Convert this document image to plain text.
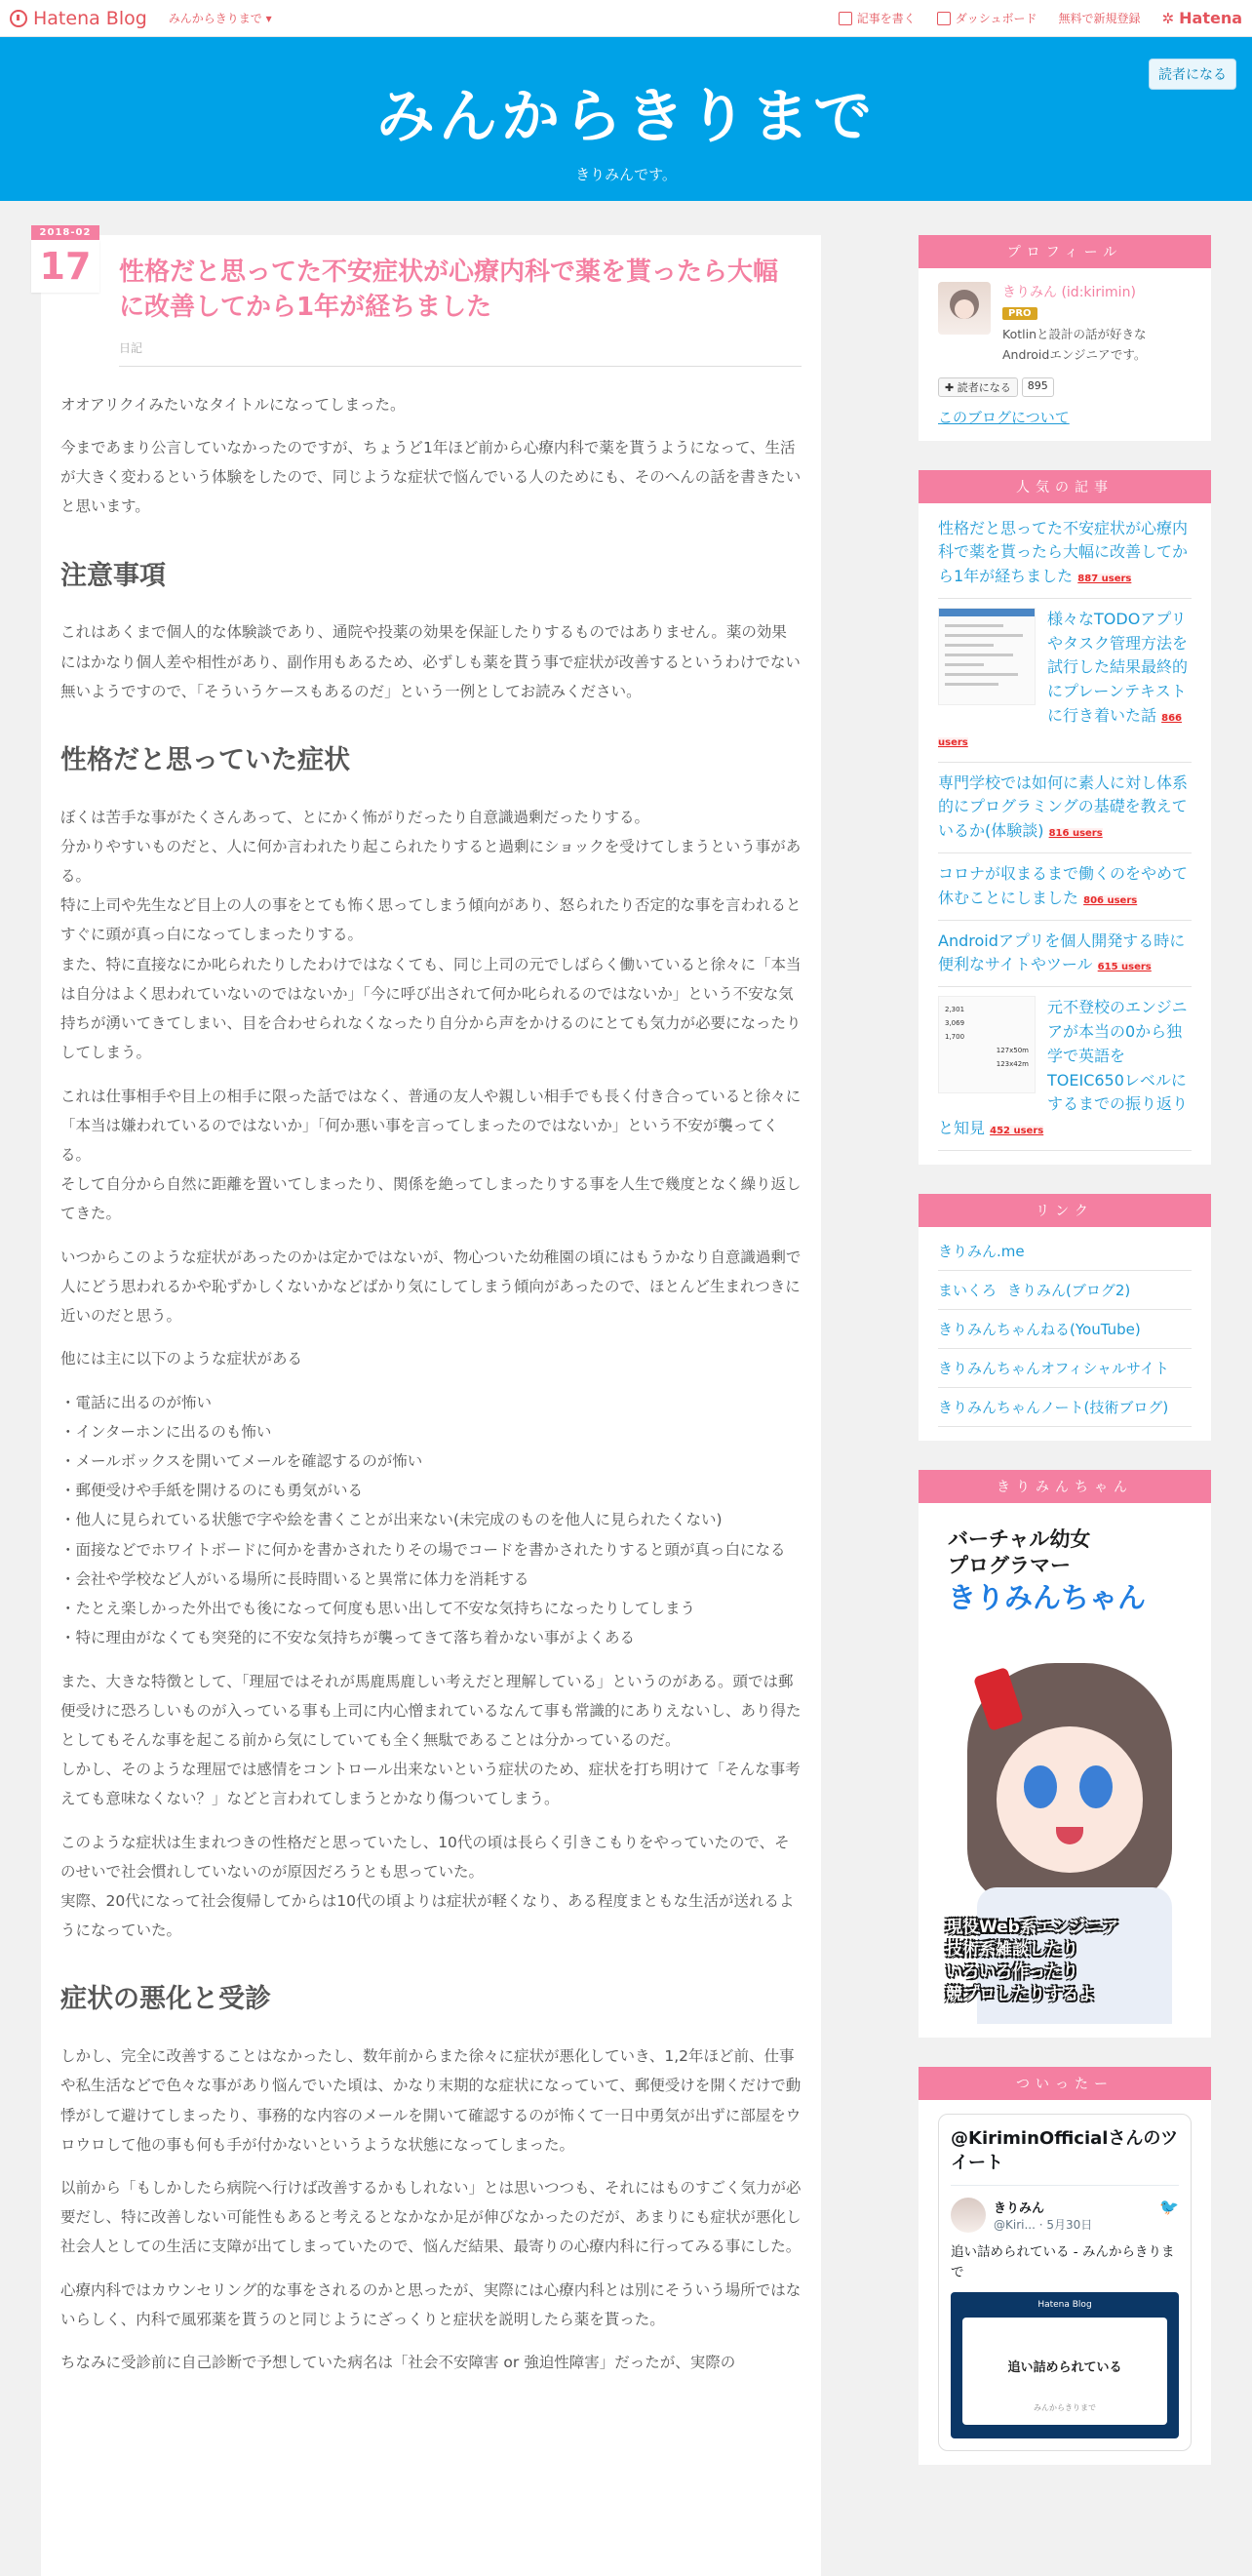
Hatena Blog みんからきりまで ▾	記事を書く	ダッシュボード 無料で新規登録 ✲ Hatena
みんからきりまで
きりみんです。
読者になる
2018-02
17	性格だと思ってた不安症状が心療内科で薬を貰ったら大幅に改善してから1年が経ちました
日記

オオアリクイみたいなタイトルになってしまった。

今まであまり公言していなかったのですが、ちょうど1年ほど前から心療内科で薬を貰うようになって、生活が大きく変わるという体験をしたので、同じような症状で悩んでいる人のためにも、そのへんの話を書きたいと思います。

注意事項

これはあくまで個人的な体験談であり、通院や投薬の効果を保証したりするものではありません。薬の効果にはかなり個人差や相性があり、副作用もあるため、必ずしも薬を貰う事で症状が改善するというわけでない無いようですので、「そういうケースもあるのだ」という一例としてお読みください。

性格だと思っていた症状

ぼくは苦手な事がたくさんあって、とにかく怖がりだったり自意識過剰だったりする。
分かりやすいものだと、人に何か言われたり起こられたりすると過剰にショックを受けてしまうという事がある。
特に上司や先生など目上の人の事をとても怖く思ってしまう傾向があり、怒られたり否定的な事を言われるとすぐに頭が真っ白になってしまったりする。
また、特に直接なにか叱られたりしたわけではなくても、同じ上司の元でしばらく働いていると徐々に「本当は自分はよく思われていないのではないか」「今に呼び出されて何か叱られるのではないか」という不安な気持ちが湧いてきてしまい、目を合わせられなくなったり自分から声をかけるのにとても気力が必要になったりしてしまう。

これは仕事相手や目上の相手に限った話ではなく、普通の友人や親しい相手でも長く付き合っていると徐々に「本当は嫌われているのではないか」「何か悪い事を言ってしまったのではないか」という不安が襲ってくる。
そして自分から自然に距離を置いてしまったり、関係を絶ってしまったりする事を人生で幾度となく繰り返してきた。

いつからこのような症状があったのかは定かではないが、物心ついた幼稚園の頃にはもうかなり自意識過剰で人にどう思われるかや恥ずかしくないかなどばかり気にしてしまう傾向があったので、ほとんど生まれつきに近いのだと思う。

他には主に以下のような症状がある

・電話に出るのが怖い
・インターホンに出るのも怖い
・メールボックスを開いてメールを確認するのが怖い
・郵便受けや手紙を開けるのにも勇気がいる
・他人に見られている状態で字や絵を書くことが出来ない(未完成のものを他人に見られたくない)
・面接などでホワイトボードに何かを書かされたりその場でコードを書かされたりすると頭が真っ白になる
・会社や学校など人がいる場所に長時間いると異常に体力を消耗する
・たとえ楽しかった外出でも後になって何度も思い出して不安な気持ちになったりしてしまう
・特に理由がなくても突発的に不安な気持ちが襲ってきて落ち着かない事がよくある

また、大きな特徴として、「理屈ではそれが馬鹿馬鹿しい考えだと理解している」というのがある。頭では郵便受けに恐ろしいものが入っている事も上司に内心憎まれているなんて事も常識的にありえないし、あり得たとしてもそんな事を起こる前から気にしていても全く無駄であることは分かっているのだ。
しかし、そのような理屈では感情をコントロール出来ないという症状のため、症状を打ち明けて「そんな事考えても意味なくない？」などと言われてしまうとかなり傷ついてしまう。

このような症状は生まれつきの性格だと思っていたし、10代の頃は長らく引きこもりをやっていたので、そのせいで社会慣れしていないのが原因だろうとも思っていた。
実際、20代になって社会復帰してからは10代の頃よりは症状が軽くなり、ある程度まともな生活が送れるようになっていた。

症状の悪化と受診

しかし、完全に改善することはなかったし、数年前からまた徐々に症状が悪化していき、1,2年ほど前、仕事や私生活などで色々な事があり悩んでいた頃は、かなり末期的な症状になっていて、郵便受けを開くだけで動悸がして避けてしまったり、事務的な内容のメールを開いて確認するのが怖くて一日中勇気が出ずに部屋をウロウロして他の事も何も手が付かないというような状態になってしまった。

以前から「もしかしたら病院へ行けば改善するかもしれない」とは思いつつも、それにはものすごく気力が必要だし、特に改善しない可能性もあると考えるとなかなか足が伸びなかったのだが、あまりにも症状が悪化し社会人としての生活に支障が出てしまっていたので、悩んだ結果、最寄りの心療内科に行ってみる事にした。

心療内科ではカウンセリング的な事をされるのかと思ったが、実際には心療内科とは別にそういう場所ではないらしく、内科で風邪薬を貰うのと同じようにざっくりと症状を説明したら薬を貰った。

ちなみに受診前に自己診断で予想していた病名は「社会不安障害 or 強迫性障害」だったが、実際の

プロフィール
きりみん (id:kirimin)
PRO
Kotlinと設計の話が好きなAndroidエンジニアです。
✚ 読者になる	895
このブログについて
人気の記事
性格だと思ってた不安症状が心療内科で薬を貰ったら大幅に改善してから1年が経ちました 887 users
様々なTODOアプリやタスク管理方法を試行した結果最終的にプレーンテキストに行き着いた話 866 users
専門学校では如何に素人に対し体系的にプログラミングの基礎を教えているか(体験談) 816 users
コロナが収まるまで働くのをやめて休むことにしました 806 users
Androidアプリを個人開発する時に便利なサイトやツール 615 users
2,301
3,069
1,700
127x50m
123x42m
元不登校のエンジニアが本当の0から独学で英語をTOEIC650レベルにするまでの振り返りと知見 452 users
リンク
きりみん.me
まいくろ⠀きりみん(ブログ2)
きりみんちゃんねる(YouTube)
きりみんちゃんオフィシャルサイト
きりみんちゃんノート(技術ブログ)
きりみんちゃん
バーチャル幼女
プログラマー
きりみんちゃん
現役Web系エンジニア
技術系雑談したり
いろいろ作ったり
競プロしたりするよ
ついったー
@KiriminOfficialさんのツイート
きりみん
@Kiri... · 5月30日
🐦
追い詰められている - みんからきりまで
Hatena Blog
追い詰められている
みんからきりまで
